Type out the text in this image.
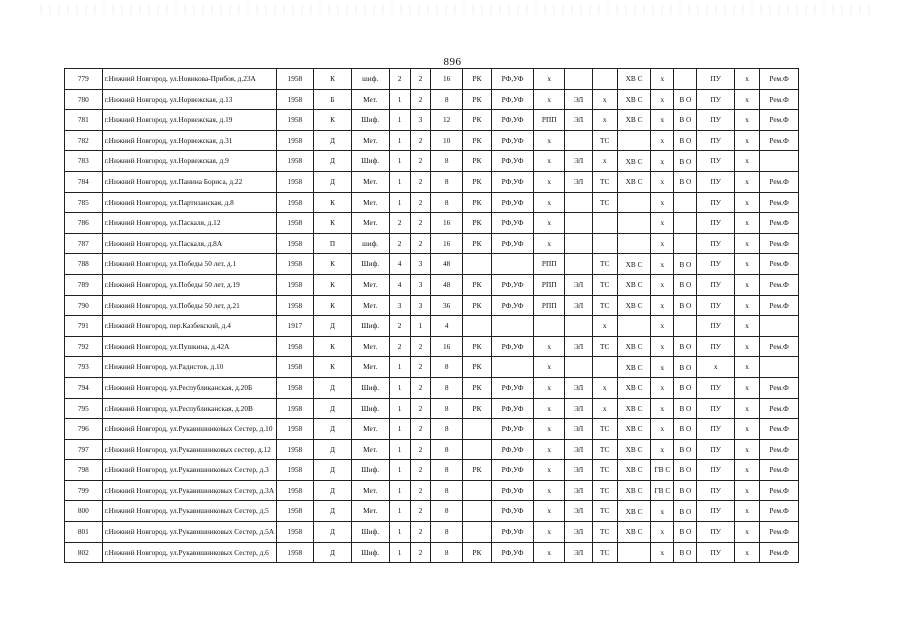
896
779	г.Нижний Новгород, ул.Новикова-Прибоя, д.23А	1958	К	шиф.	2	2	16	РК	РФ,УФ	х			ХВ С	х		ПУ	х	Рем.Ф
780	г.Нижний Новгород, ул.Норвежская, д.13	1958	Б	Мет.	1	2	8	РК	РФ,УФ	х	ЭЛ	х	ХВ С	х	В О	ПУ	х	Рем.Ф
781	г.Нижний Новгород, ул.Норвежская, д.19	1958	К	Шиф.	1	3	12	РК	РФ,УФ	РПП	ЭЛ	х	ХВ С	х	В О	ПУ	х	Рем.Ф
782	г.Нижний Новгород, ул.Норвежская, д.31	1958	Д	Мет.	1	2	10	РК	РФ,УФ	х		ТС		х	В О	ПУ	х	Рем.Ф
783	г.Нижний Новгород, ул.Норвежская, д.9	1958	Д	Шиф.	1	2	8	РК	РФ,УФ	х	ЭЛ	х	ХВ С	х	В О	ПУ	х	
784	г.Нижний Новгород, ул.Панина Бориса, д.22	1958	Д	Мет.	1	2	8	РК	РФ,УФ	х	ЭЛ	ТС	ХВ С	х	В О	ПУ	х	Рем.Ф
785	г.Нижний Новгород, ул.Партизанская, д.8	1958	К	Мет.	1	2	8	РК	РФ,УФ	х		ТС		х		ПУ	х	Рем.Ф
786	г.Нижний Новгород, ул.Паскаля, д.12	1958	К	Мет.	2	2	16	РК	РФ,УФ	х				х		ПУ	х	Рем.Ф
787	г.Нижний Новгород, ул.Паскаля, д.8А	1958	П	шиф.	2	2	16	РК	РФ,УФ	х				х		ПУ	х	Рем.Ф
788	г.Нижний Новгород, ул.Победы 50 лет, д.1	1958	К	Шиф.	4	3	48			РПП		ТС	ХВ С	х	В О	ПУ	х	Рем.Ф
789	г.Нижний Новгород, ул.Победы 50 лет, д.19	1958	К	Мет.	4	3	48	РК	РФ,УФ	РПП	ЭЛ	ТС	ХВ С	х	В О	ПУ	х	Рем.Ф
790	г.Нижний Новгород, ул.Победы 50 лет, д.21	1958	К	Мет.	3	3	36	РК	РФ,УФ	РПП	ЭЛ	ТС	ХВ С	х	В О	ПУ	х	Рем.Ф
791	г.Нижний Новгород, пер.Казбекский, д.4	1917	Д	Шиф.	2	1	4					х		х		ПУ	х	
792	г.Нижний Новгород, ул.Пушкина, д.42А	1958	К	Мет.	2	2	16	РК	РФ,УФ	х	ЭЛ	ТС	ХВ С	х	В О	ПУ	х	Рем.Ф
793	г.Нижний Новгород, ул.Радистов, д.10	1958	К	Мет.	1	2	8	РК		х			ХВ С	х	В О	х	х	
794	г.Нижний Новгород, ул.Республиканская, д.20Б	1958	Д	Шиф.	1	2	8	РК	РФ,УФ	х	ЭЛ	х	ХВ С	х	В О	ПУ	х	Рем.Ф
795	г.Нижний Новгород, ул.Республиканская, д.20В	1958	Д	Шиф.	1	2	8	РК	РФ,УФ	х	ЭЛ	х	ХВ С	х	В О	ПУ	х	Рем.Ф
796	г.Нижний Новгород, ул.Рукавишниковых Сестер, д.10	1958	Д	Мет.	1	2	8		РФ,УФ	х	ЭЛ	ТС	ХВ С	х	В О	ПУ	х	Рем.Ф
797	г.Нижний Новгород, ул.Рукавишниковых сестер, д.12	1958	Д	Мет.	1	2	8		РФ,УФ	х	ЭЛ	ТС	ХВ С	х	В О	ПУ	х	Рем.Ф
798	г.Нижний Новгород, ул.Рукавишниковых Сестер, д.3	1958	Д	Шиф.	1	2	8	РК	РФ,УФ	х	ЭЛ	ТС	ХВ С	ГВ С	В О	ПУ	х	Рем.Ф
799	г.Нижний Новгород, ул.Рукавишниковых Сестер, д.3А	1958	Д	Мет.	1	2	8		РФ,УФ	х	ЭЛ	ТС	ХВ С	ГВ С	В О	ПУ	х	Рем.Ф
800	г.Нижний Новгород, ул.Рукавишниковых Сестер, д.5	1958	Д	Мет.	1	2	8		РФ,УФ	х	ЭЛ	ТС	ХВ С	х	В О	ПУ	х	Рем.Ф
801	г.Нижний Новгород, ул.Рукавишниковых Сестер, д.5А	1958	Д	Шиф.	1	2	8		РФ,УФ	х	ЭЛ	ТС	ХВ С	х	В О	ПУ	х	Рем.Ф
802	г.Нижний Новгород, ул.Рукавишниковых Сестер, д.6	1958	Д	Шиф.	1	2	8	РК	РФ,УФ	х	ЭЛ	ТС		х	В О	ПУ	х	Рем.Ф
